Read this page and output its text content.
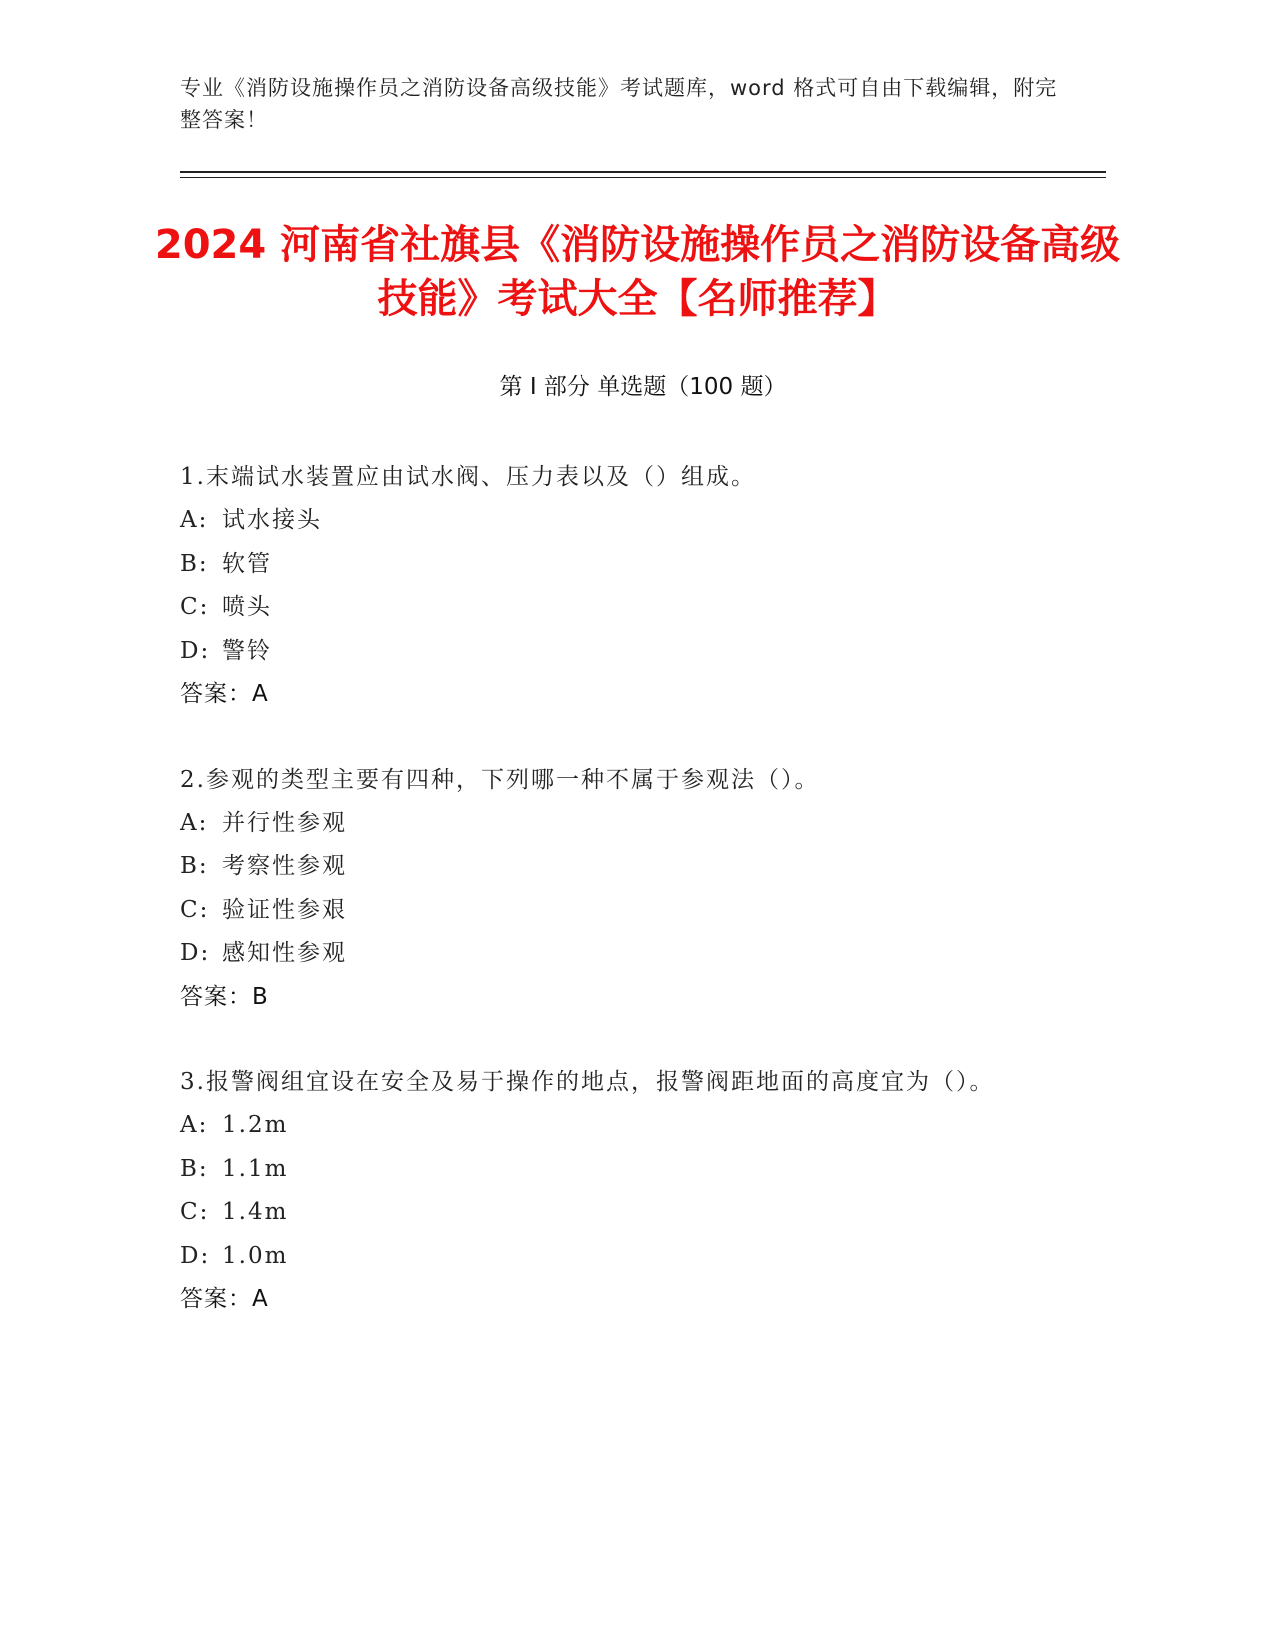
专业《消防设施操作员之消防设备高级技能》考试题库，word 格式可自由下载编辑，附完整答案！
2024 河南省社旗县《消防设施操作员之消防设备高级技能》考试大全【名师推荐】
第 I 部分 单选题（100 题）
1.末端试水装置应由试水阀、压力表以及（）组成。
A: 试水接头
B: 软管
C: 喷头
D: 警铃
答案：A
2.参观的类型主要有四种，下列哪一种不属于参观法（）。
A: 并行性参观
B: 考察性参观
C: 验证性参艰
D: 感知性参观
答案：B
3.报警阀组宜设在安全及易于操作的地点，报警阀距地面的高度宜为（）。
A: 1.2m
B: 1.1m
C: 1.4m
D: 1.0m
答案：A
